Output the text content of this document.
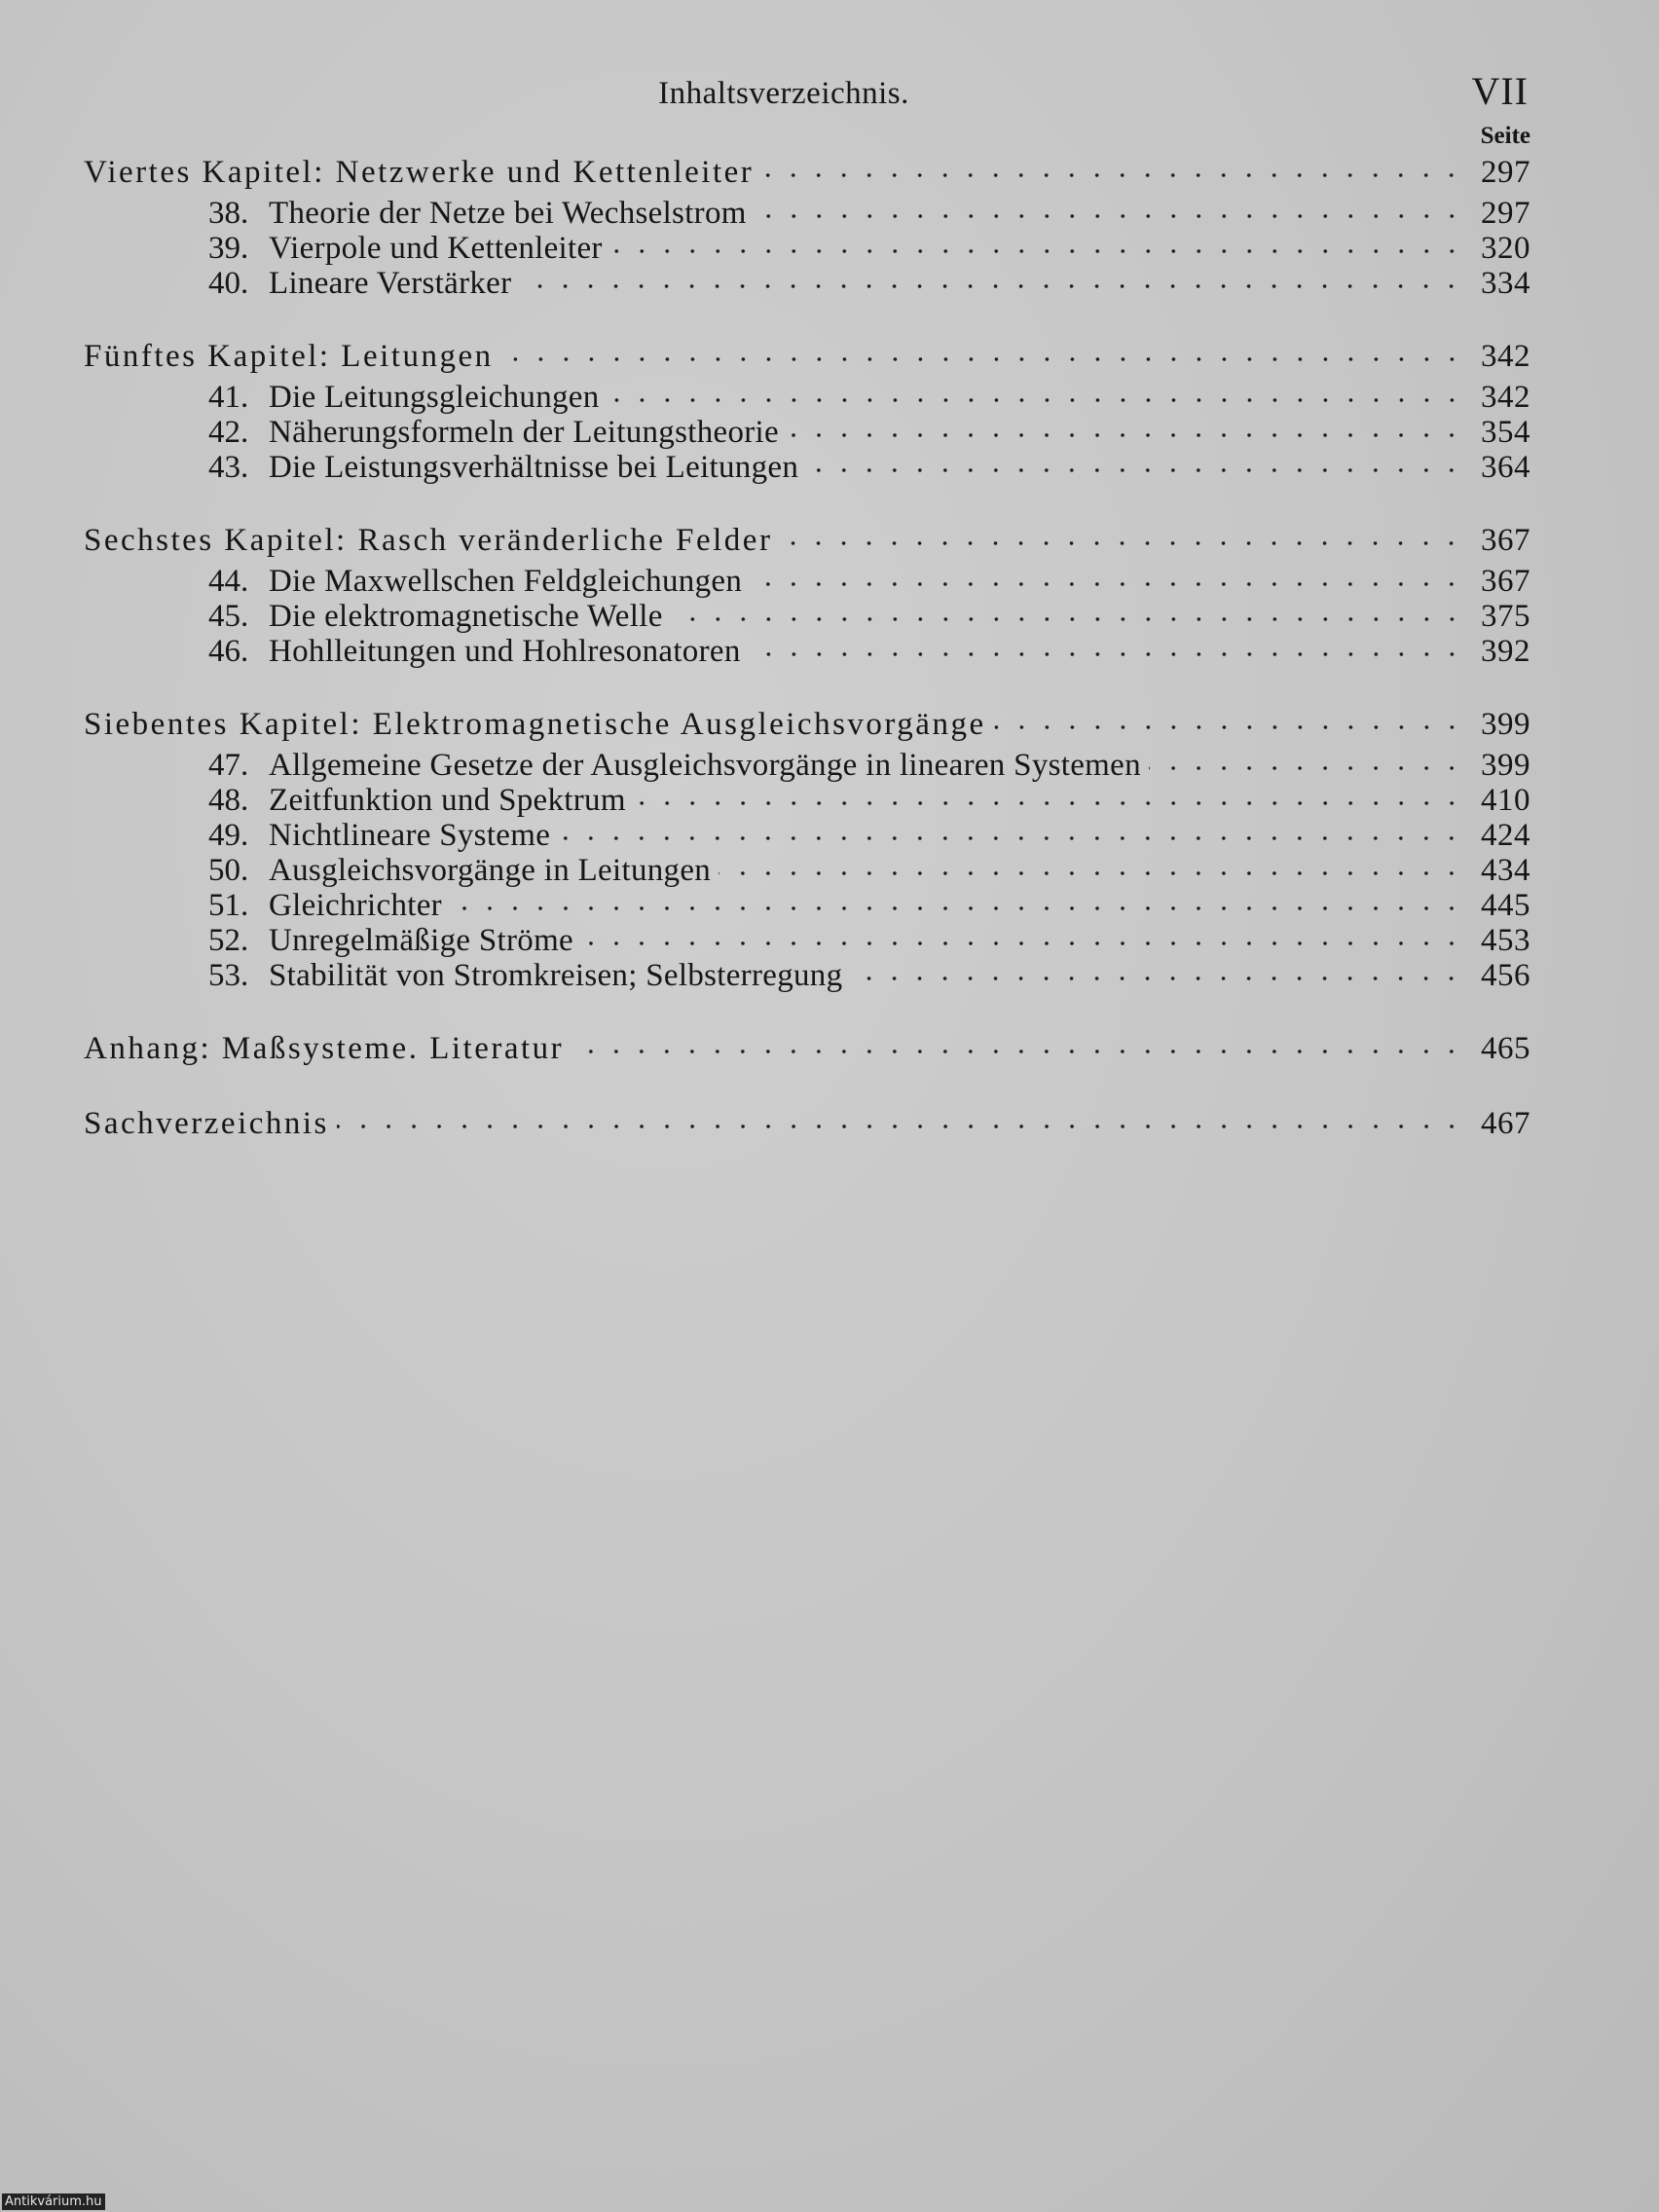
Inhaltsverzeichnis.	VII
Seite
Viertes Kapitel: Netzwerke und Kettenleiter	297
38. Theorie der Netze bei Wechselstrom	297
39. Vierpole und Kettenleiter	320
40. Lineare Verstärker	334
Fünftes Kapitel: Leitungen	342
41. Die Leitungsgleichungen	342
42. Näherungsformeln der Leitungstheorie	354
43. Die Leistungsverhältnisse bei Leitungen	364
Sechstes Kapitel: Rasch veränderliche Felder	367
44. Die Maxwellschen Feldgleichungen	367
45. Die elektromagnetische Welle	375
46. Hohlleitungen und Hohlresonatoren	392
Siebentes Kapitel: Elektromagnetische Ausgleichsvorgänge	399
47. Allgemeine Gesetze der Ausgleichsvorgänge in linearen Systemen	399
48. Zeitfunktion und Spektrum	410
49. Nichtlineare Systeme	424
50. Ausgleichsvorgänge in Leitungen	434
51. Gleichrichter	445
52. Unregelmäßige Ströme	453
53. Stabilität von Stromkreisen; Selbsterregung	456
Anhang: Maßsysteme. Literatur	465
Sachverzeichnis	467
Antikvárium.hu
